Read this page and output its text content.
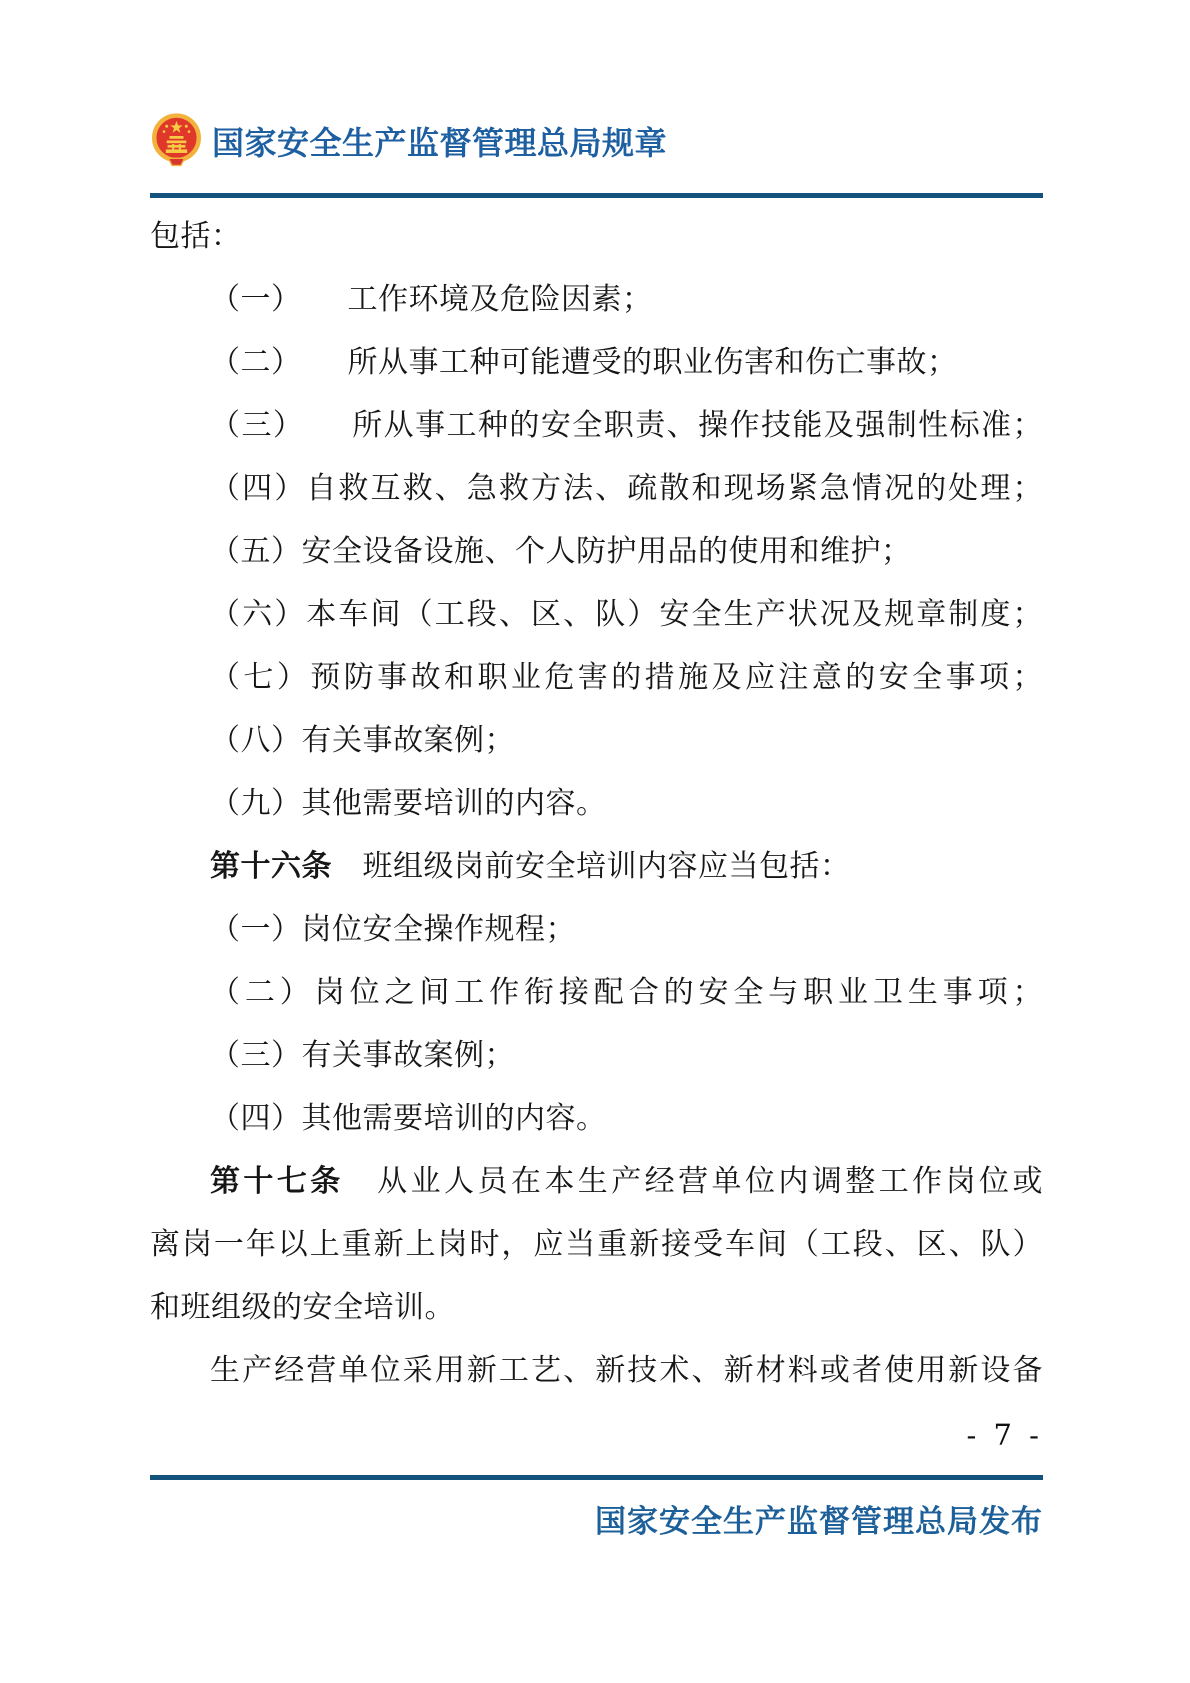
国家安全生产监督管理总局规章
包括：
（一）　　工作环境及危险因素；
（二）　　所从事工种可能遭受的职业伤害和伤亡事故；
（三）　　所从事工种的安全职责、操作技能及强制性标准；
（四）自救互救、急救方法、疏散和现场紧急情况的处理；
（五）安全设备设施、个人防护用品的使用和维护；
（六）本车间（工段、区、队）安全生产状况及规章制度；
（七）预防事故和职业危害的措施及应注意的安全事项；
（八）有关事故案例；
（九）其他需要培训的内容。
第十六条　班组级岗前安全培训内容应当包括：
（一）岗位安全操作规程；
（二）岗位之间工作衔接配合的安全与职业卫生事项；
（三）有关事故案例；
（四）其他需要培训的内容。
第十七条　从业人员在本生产经营单位内调整工作岗位或
离岗一年以上重新上岗时，应当重新接受车间（工段、区、队）
和班组级的安全培训。
生产经营单位采用新工艺、新技术、新材料或者使用新设备
- 7 -
国家安全生产监督管理总局发布
